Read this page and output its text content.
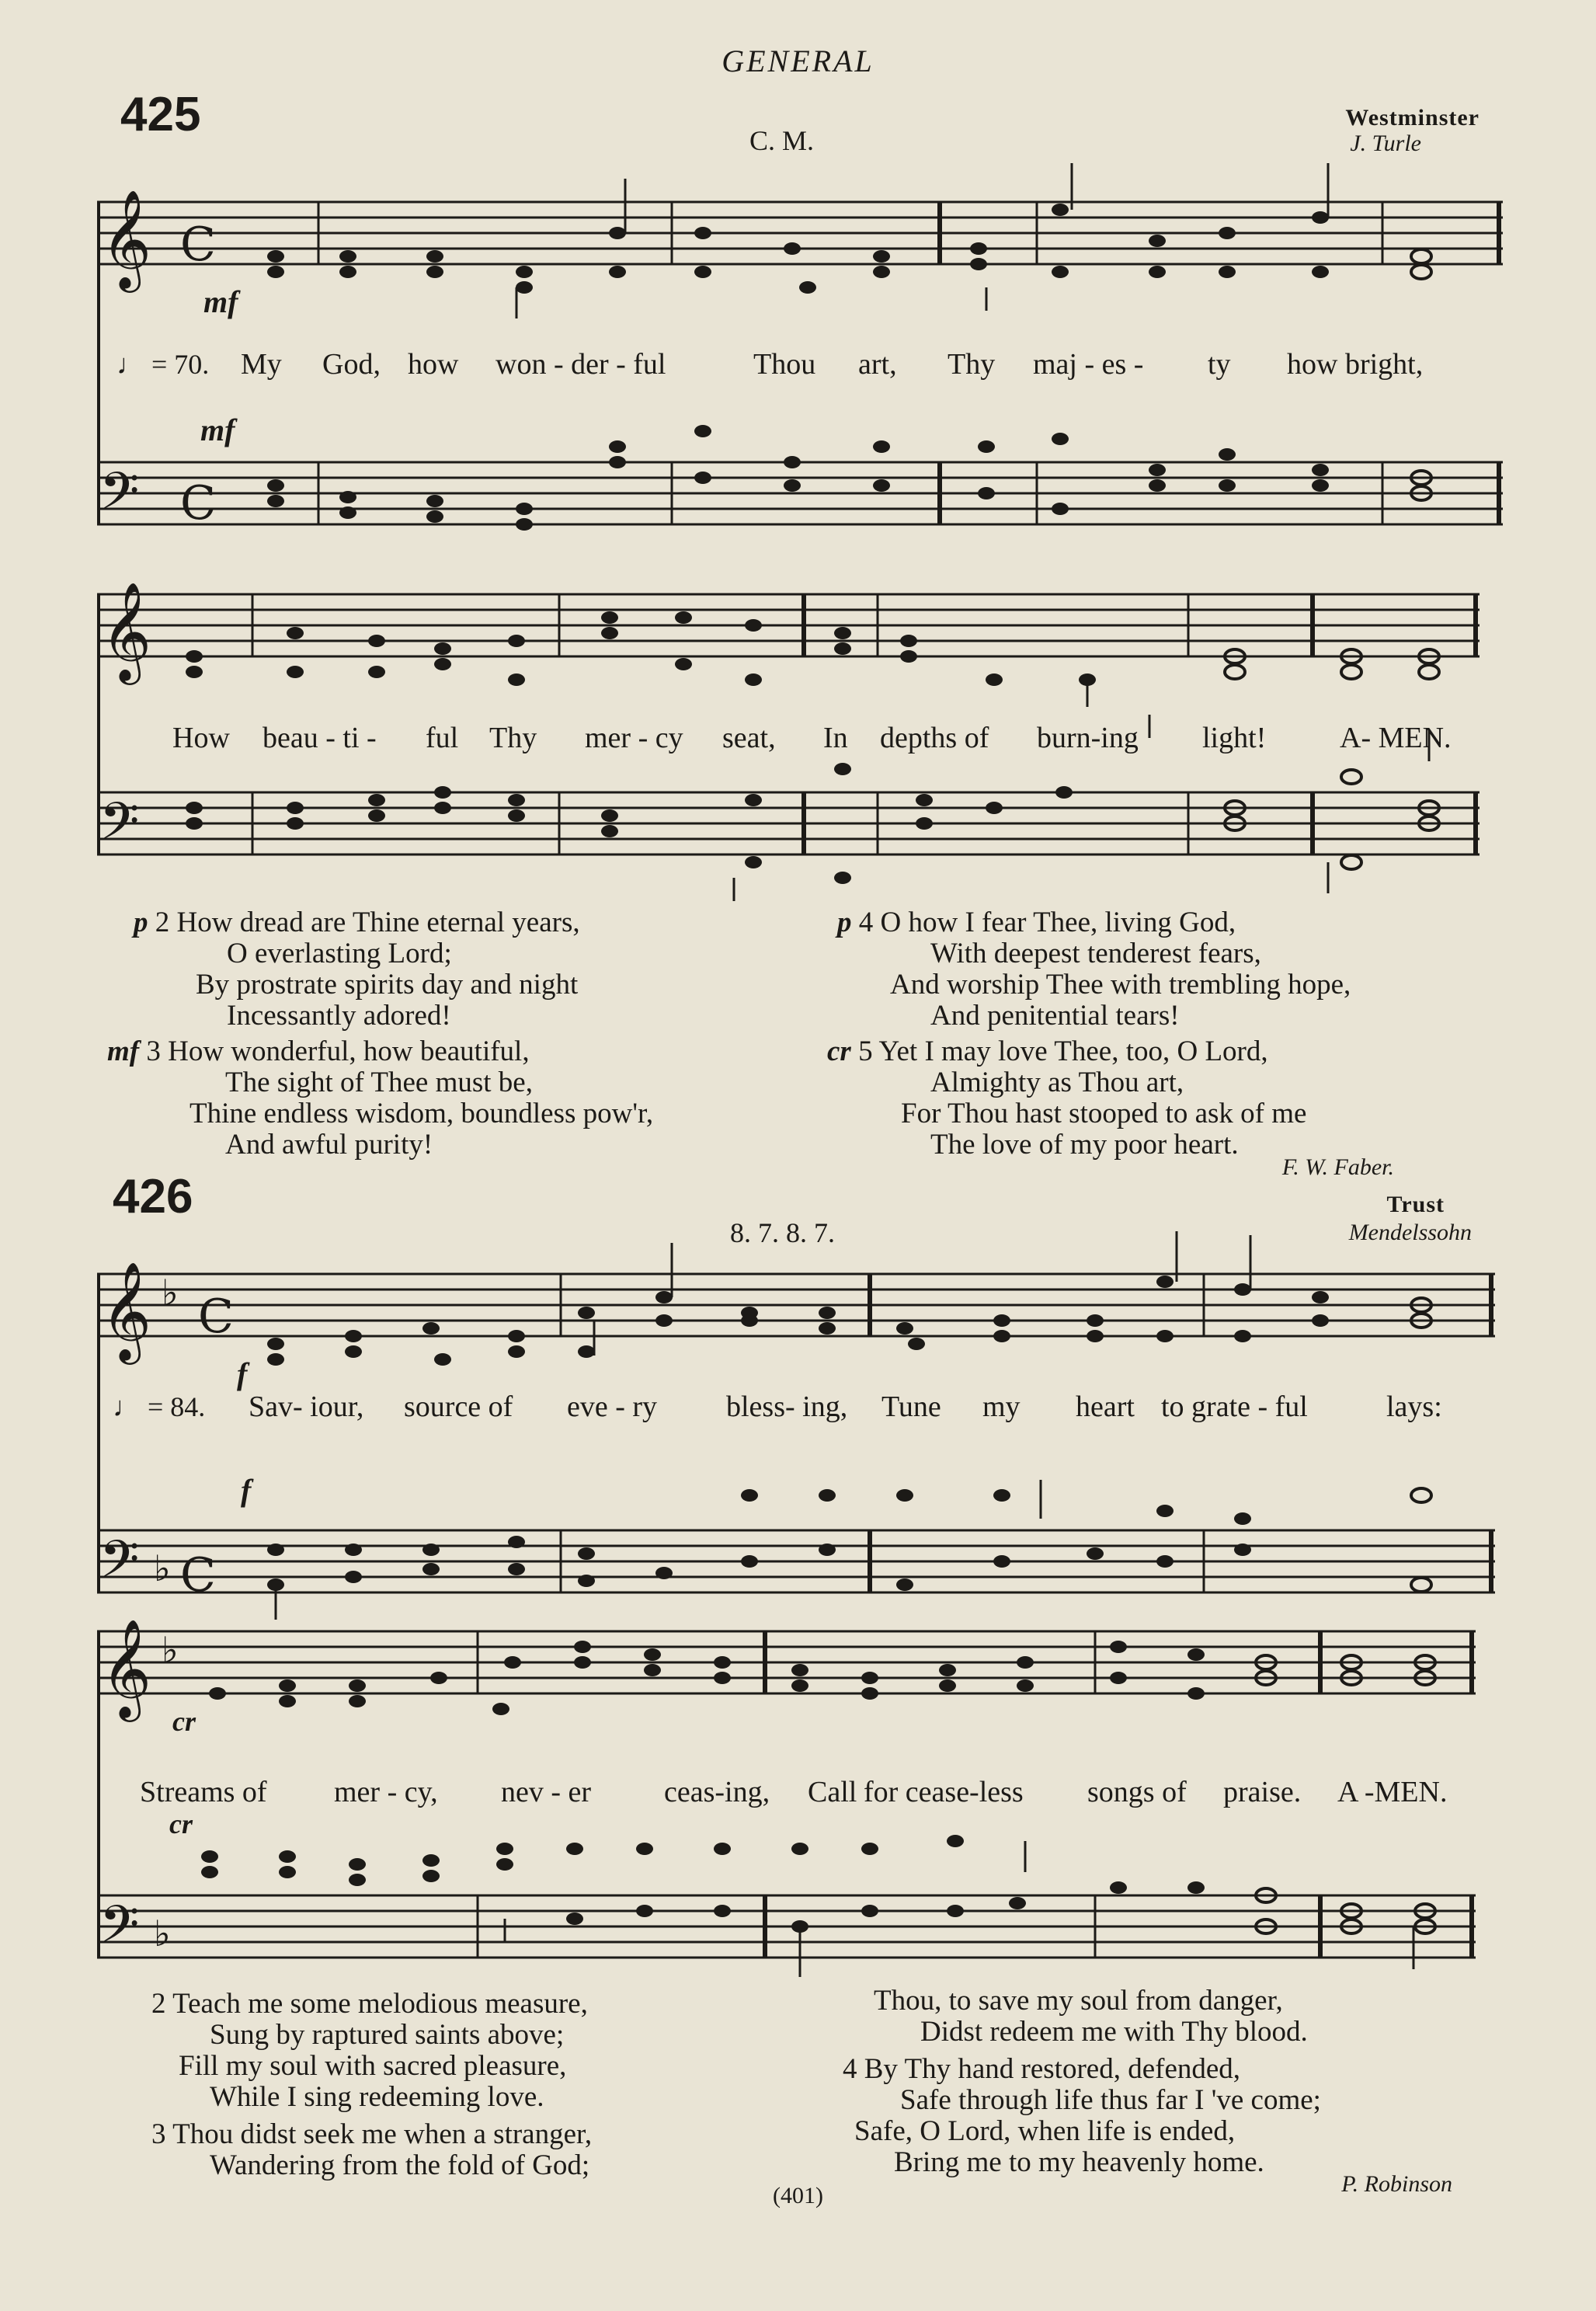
GENERAL
425	C. M.
Westminster
J. Turle
𝄞 C
𝄢 C
𝄞
𝄢
mf
mf
♩ = 70. My God, how won - der - ful	Thou art, Thy maj - es - ty how bright,
How beau - ti - ful Thy mer - cy seat, In depths of burn-ing light! A- MEN.
p 2 How dread are Thine eternal years,
O everlasting Lord;
By prostrate spirits day and night
Incessantly adored!
mf 3 How wonderful, how beautiful,
The sight of Thee must be,
Thine endless wisdom, boundless pow'r,
And awful purity!
p 4 O how I fear Thee, living God,
With deepest tenderest fears,
And worship Thee with trembling hope,
And penitential tears!
cr 5 Yet I may love Thee, too, O Lord,
Almighty as Thou art,
For Thou hast stooped to ask of me
The love of my poor heart.
F. W. Faber.
426
8. 7. 8. 7.
Trust
Mendelssohn
𝄞 ♭ C
𝄢 ♭ C
𝄞 ♭
𝄢 ♭
f
f
cr
cr
♩ = 84. Sav- iour, source of eve - ry bless- ing, Tune my heart to grate - ful	lays:
Streams of mer - cy, nev - er ceas-ing, Call for cease-less songs of praise. A -MEN.
2 Teach me some melodious measure,
Sung by raptured saints above;
Fill my soul with sacred pleasure,
While I sing redeeming love.
3 Thou didst seek me when a stranger,
Wandering from the fold of God;
Thou, to save my soul from danger,
Didst redeem me with Thy blood.
4 By Thy hand restored, defended,
Safe through life thus far I 've come;
Safe, O Lord, when life is ended,
Bring me to my heavenly home.
P. Robinson
(401)
